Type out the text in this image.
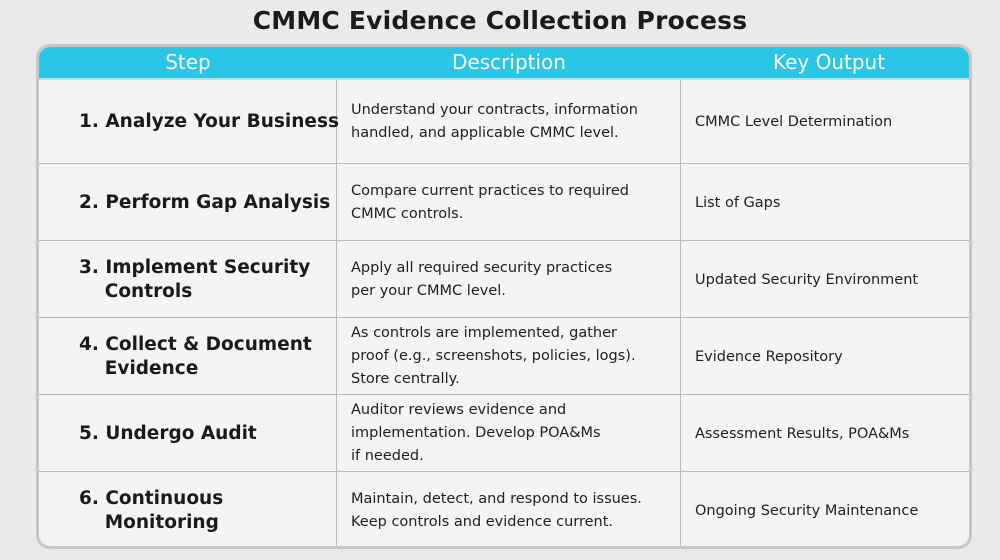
CMMC Evidence Collection Process
Step	Description	Key Output
1. Analyze Your Business
Understand your contracts, information
handled, and applicable CMMC level.
CMMC Level Determination
2. Perform Gap Analysis
Compare current practices to required
CMMC controls.
List of Gaps
3. Implement Security
Controls
Apply all required security practices
per your CMMC level.
Updated Security Environment
4. Collect & Document
Evidence
As controls are implemented, gather
proof (e.g., screenshots, policies, logs).
Store centrally.
Evidence Repository
5. Undergo Audit
Auditor reviews evidence and
implementation. Develop POA&Ms
if needed.
Assessment Results, POA&Ms
6. Continuous
Monitoring
Maintain, detect, and respond to issues.
Keep controls and evidence current.
Ongoing Security Maintenance
